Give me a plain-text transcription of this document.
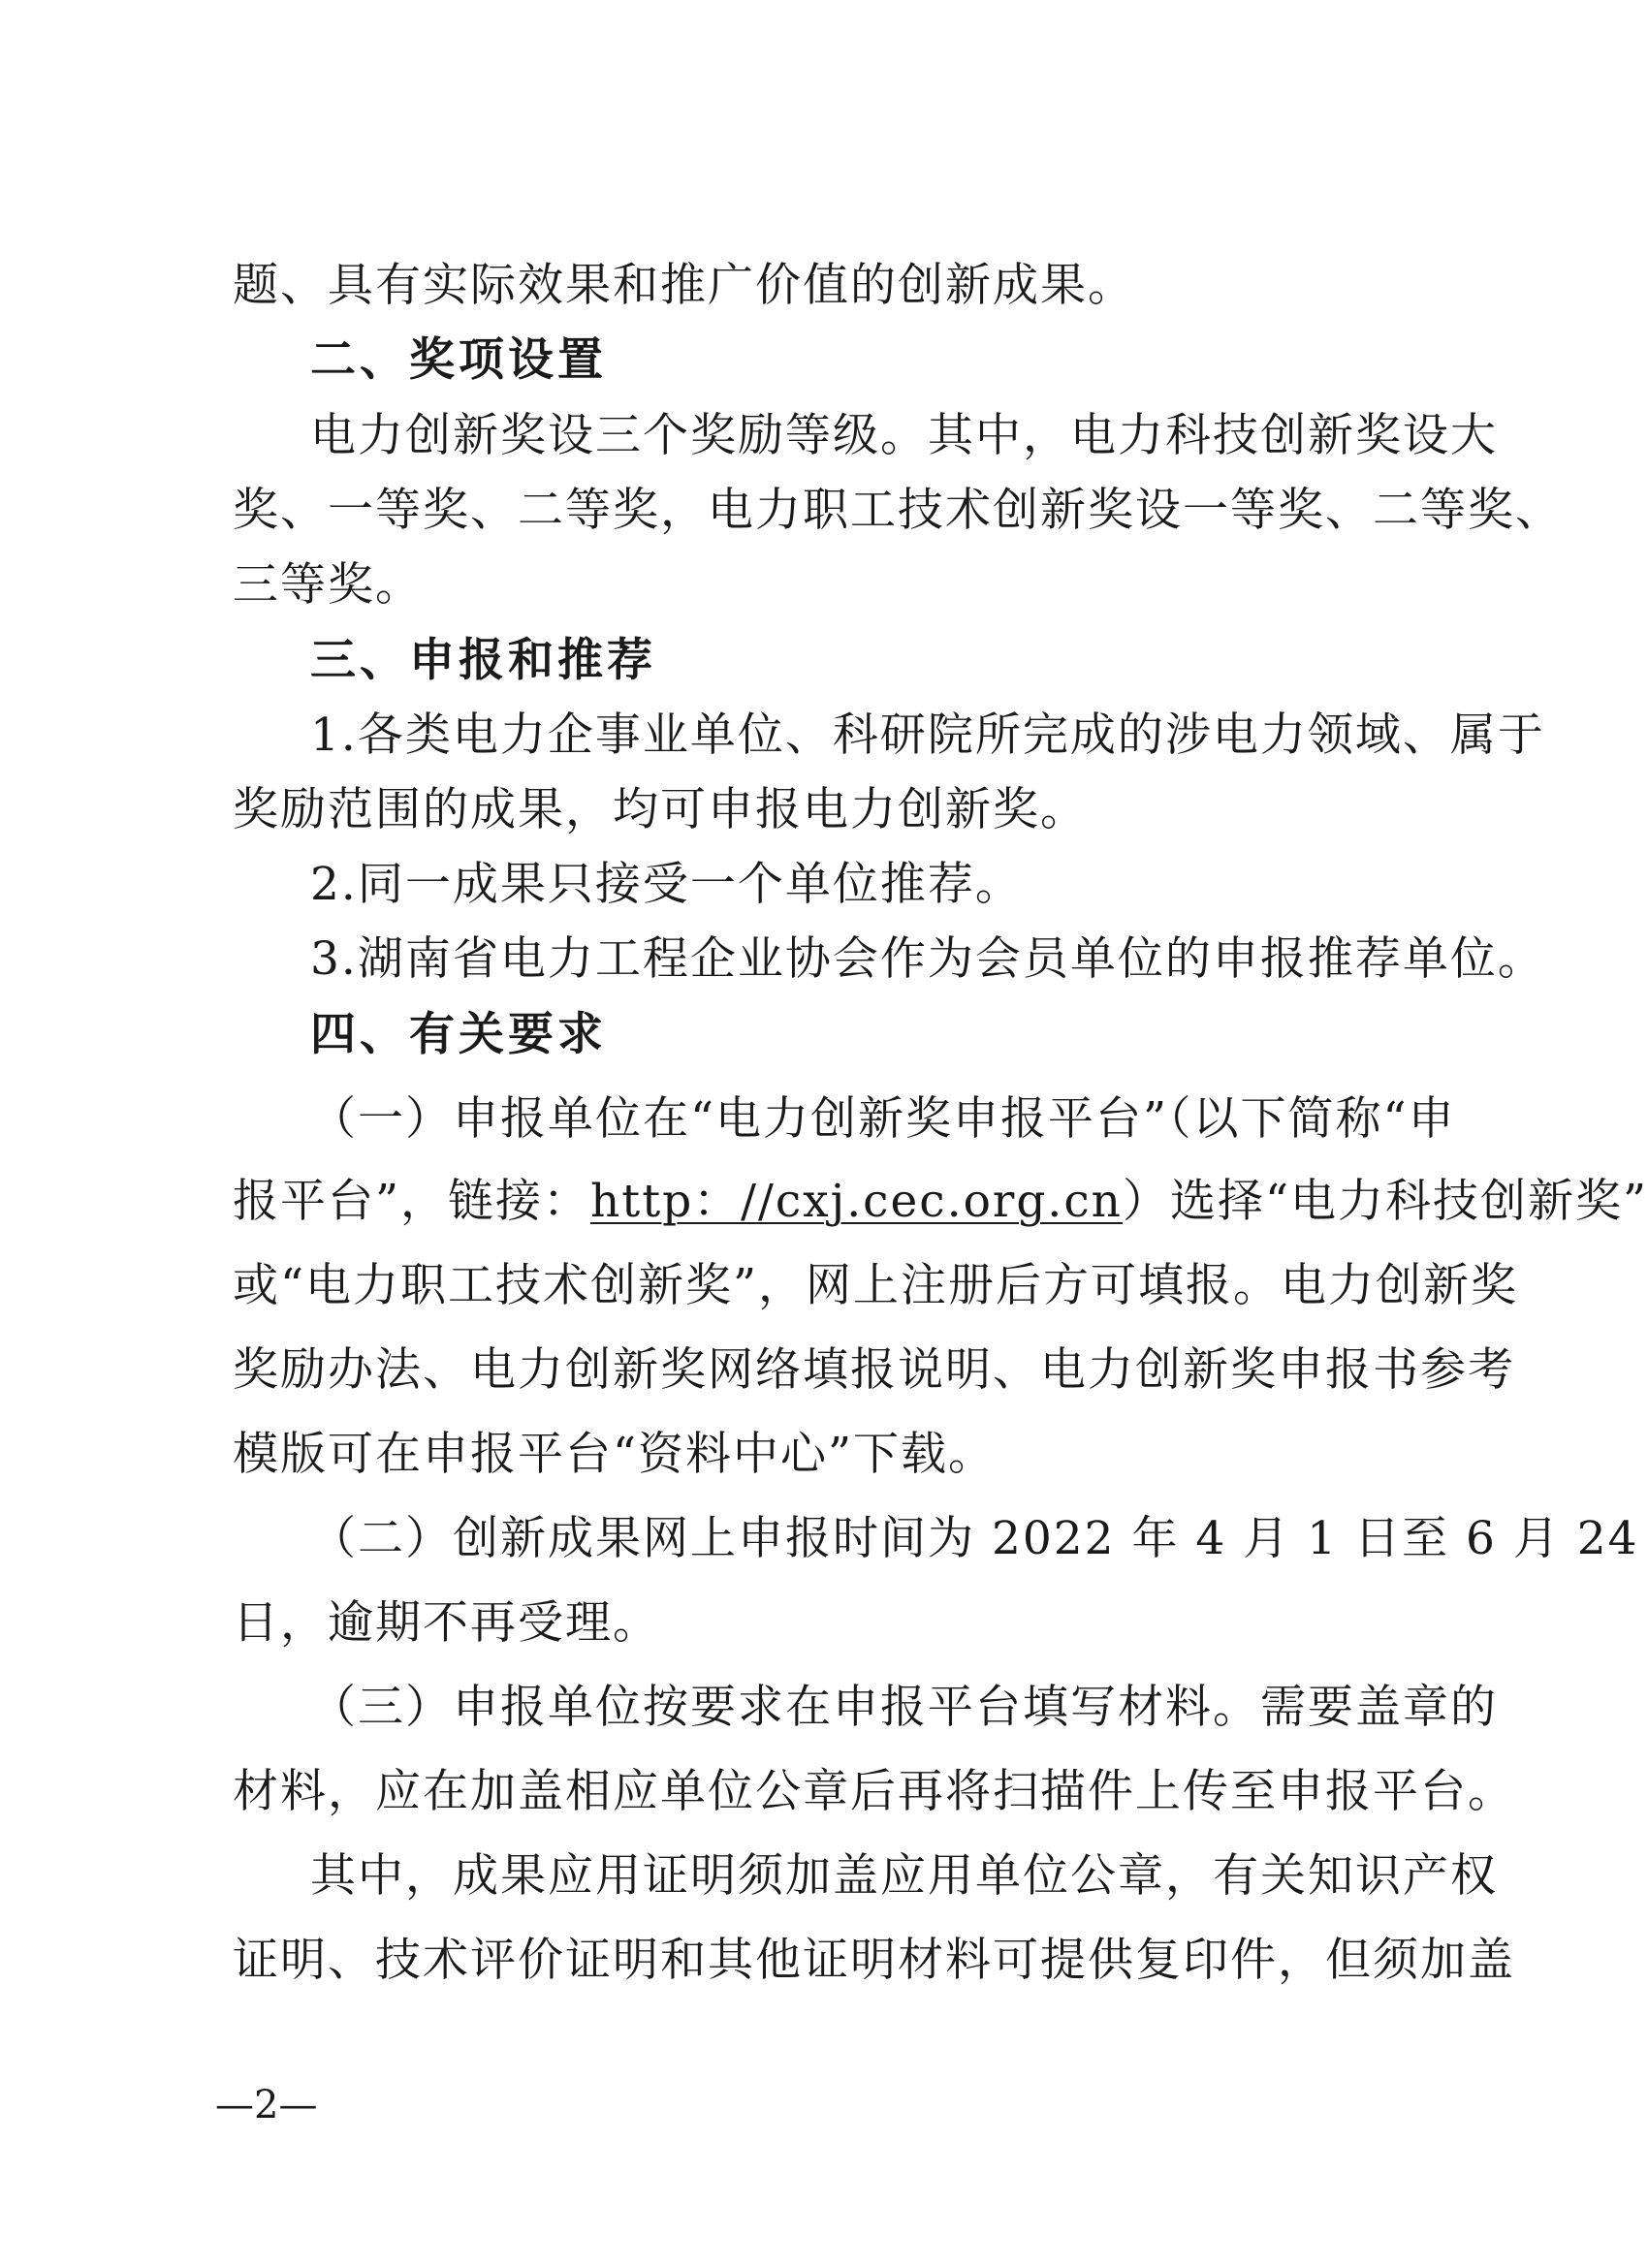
题、具有实际效果和推广价值的创新成果。
二、奖项设置
电力创新奖设三个奖励等级。其中，电力科技创新奖设大
奖、一等奖、二等奖，电力职工技术创新奖设一等奖、二等奖、
三等奖。
三、申报和推荐
1.各类电力企事业单位、科研院所完成的涉电力领域、属于
奖励范围的成果，均可申报电力创新奖。
2.同一成果只接受一个单位推荐。
3.湖南省电力工程企业协会作为会员单位的申报推荐单位。
四、有关要求
（一）申报单位在“电力创新奖申报平台”（以下简称“申
报平台”，链接：http：//cxj.cec.org.cn）选择“电力科技创新奖”
或“电力职工技术创新奖”，网上注册后方可填报。电力创新奖
奖励办法、电力创新奖网络填报说明、电力创新奖申报书参考
模版可在申报平台“资料中心”下载。
（二）创新成果网上申报时间为 2022 年 4 月 1 日至 6 月 24
日，逾期不再受理。
（三）申报单位按要求在申报平台填写材料。需要盖章的
材料，应在加盖相应单位公章后再将扫描件上传至申报平台。
其中，成果应用证明须加盖应用单位公章，有关知识产权
证明、技术评价证明和其他证明材料可提供复印件，但须加盖
—2—
